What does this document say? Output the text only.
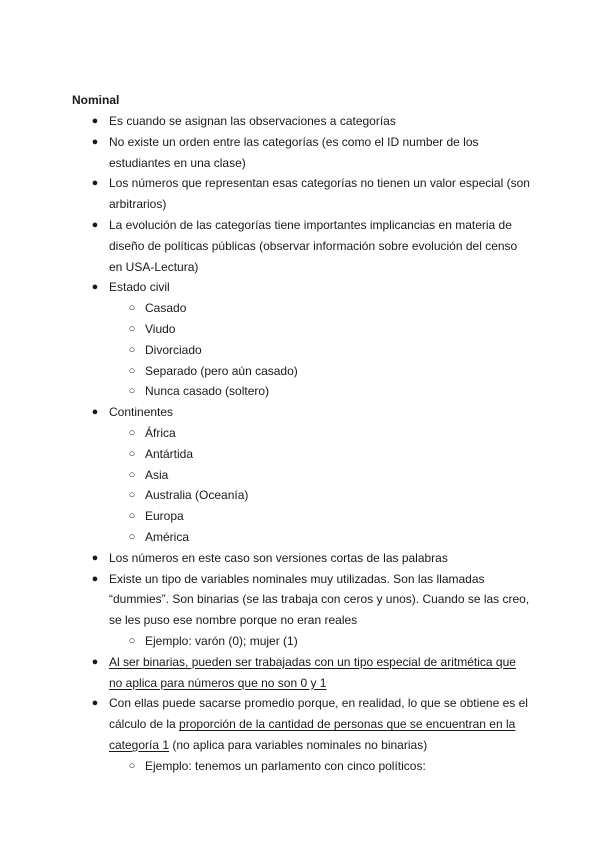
Nominal
● Es cuando se asignan las observaciones a categorías
● No existe un orden entre las categorías (es como el ID number de los estudiantes en una clase)
● Los números que representan esas categorías no tienen un valor especial (son arbitrarios)
● La evolución de las categorías tiene importantes implicancias en materia de diseño de políticas públicas (observar información sobre evolución del censo en USA-Lectura)
● Estado civil
○ Casado
○ Viudo
○ Divorciado
○ Separado (pero aún casado)
○ Nunca casado (soltero)
● Continentes
○ África
○ Antártida
○ Asia
○ Australia (Oceanía)
○ Europa
○ América
● Los números en este caso son versiones cortas de las palabras
● Existe un tipo de variables nominales muy utilizadas. Son las llamadas “dummies”. Son binarias (se las trabaja con ceros y unos). Cuando se las creo, se les puso ese nombre porque no eran reales
○ Ejemplo: varón (0); mujer (1)
● Al ser binarias, pueden ser trabajadas con un tipo especial de aritmética que no aplica para números que no son 0 y 1
● Con ellas puede sacarse promedio porque, en realidad, lo que se obtiene es el cálculo de la proporción de la cantidad de personas que se encuentran en la categoría 1 (no aplica para variables nominales no binarias)
○ Ejemplo: tenemos un parlamento con cinco políticos:
